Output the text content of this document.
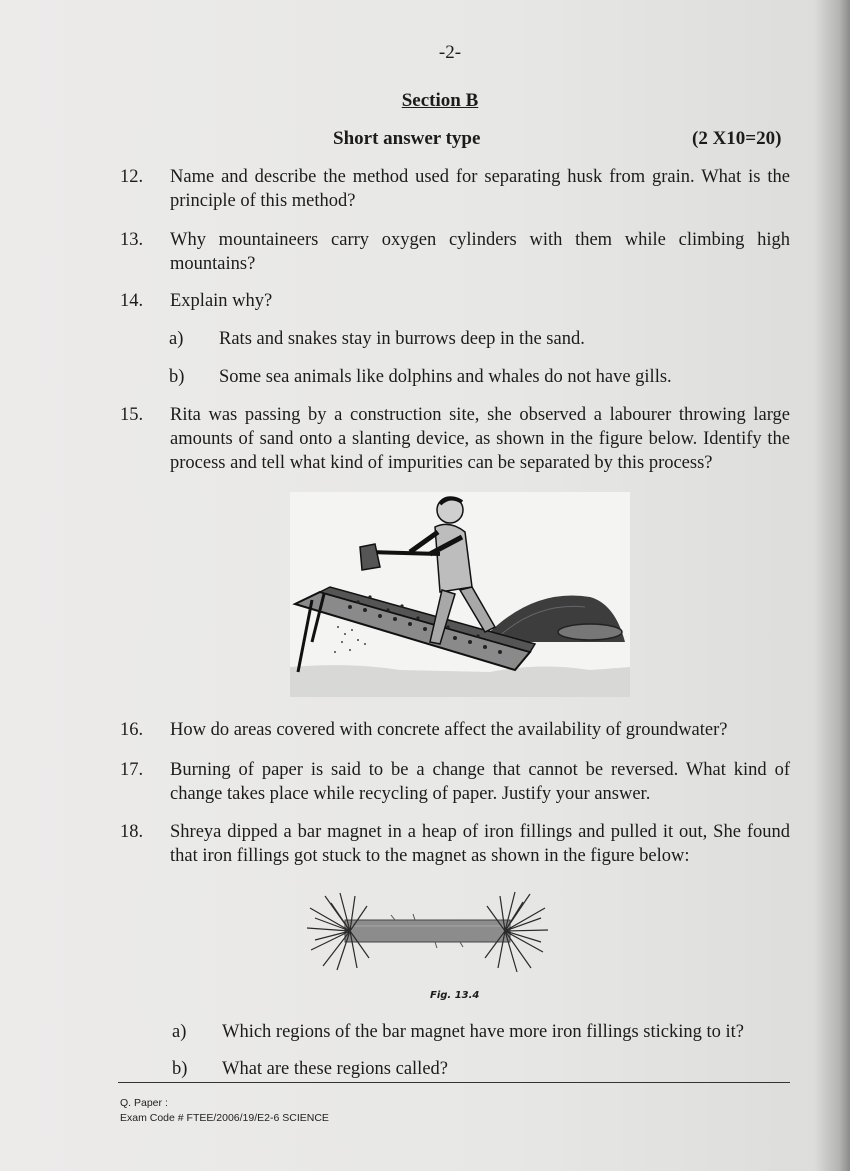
-2-
Section B
Short answer type	(2 X10=20)
12. Name and describe the method used for separating husk from grain. What is the principle of this method?
13. Why mountaineers carry oxygen cylinders with them while climbing high mountains?
14. Explain why?
a) Rats and snakes stay in burrows deep in the sand.
b) Some sea animals like dolphins and whales do not have gills.
15. Rita was passing by a construction site, she observed a labourer throwing large amounts of sand onto a slanting device, as shown in the figure below. Identify the process and tell what kind of impurities can be separated by this process?
16. How do areas covered with concrete affect the availability of groundwater?
17. Burning of paper is said to be a change that cannot be reversed. What kind of change takes place while recycling of paper. Justify your answer.
18. Shreya dipped a bar magnet in a heap of iron fillings and pulled it out, She found that iron fillings got stuck to the magnet as shown in the figure below:
Fig. 13.4
a) Which regions of the bar magnet have more iron fillings sticking to it?
b) What are these regions called?
Q. Paper :
Exam Code # FTEE/2006/19/E2-6 SCIENCE
